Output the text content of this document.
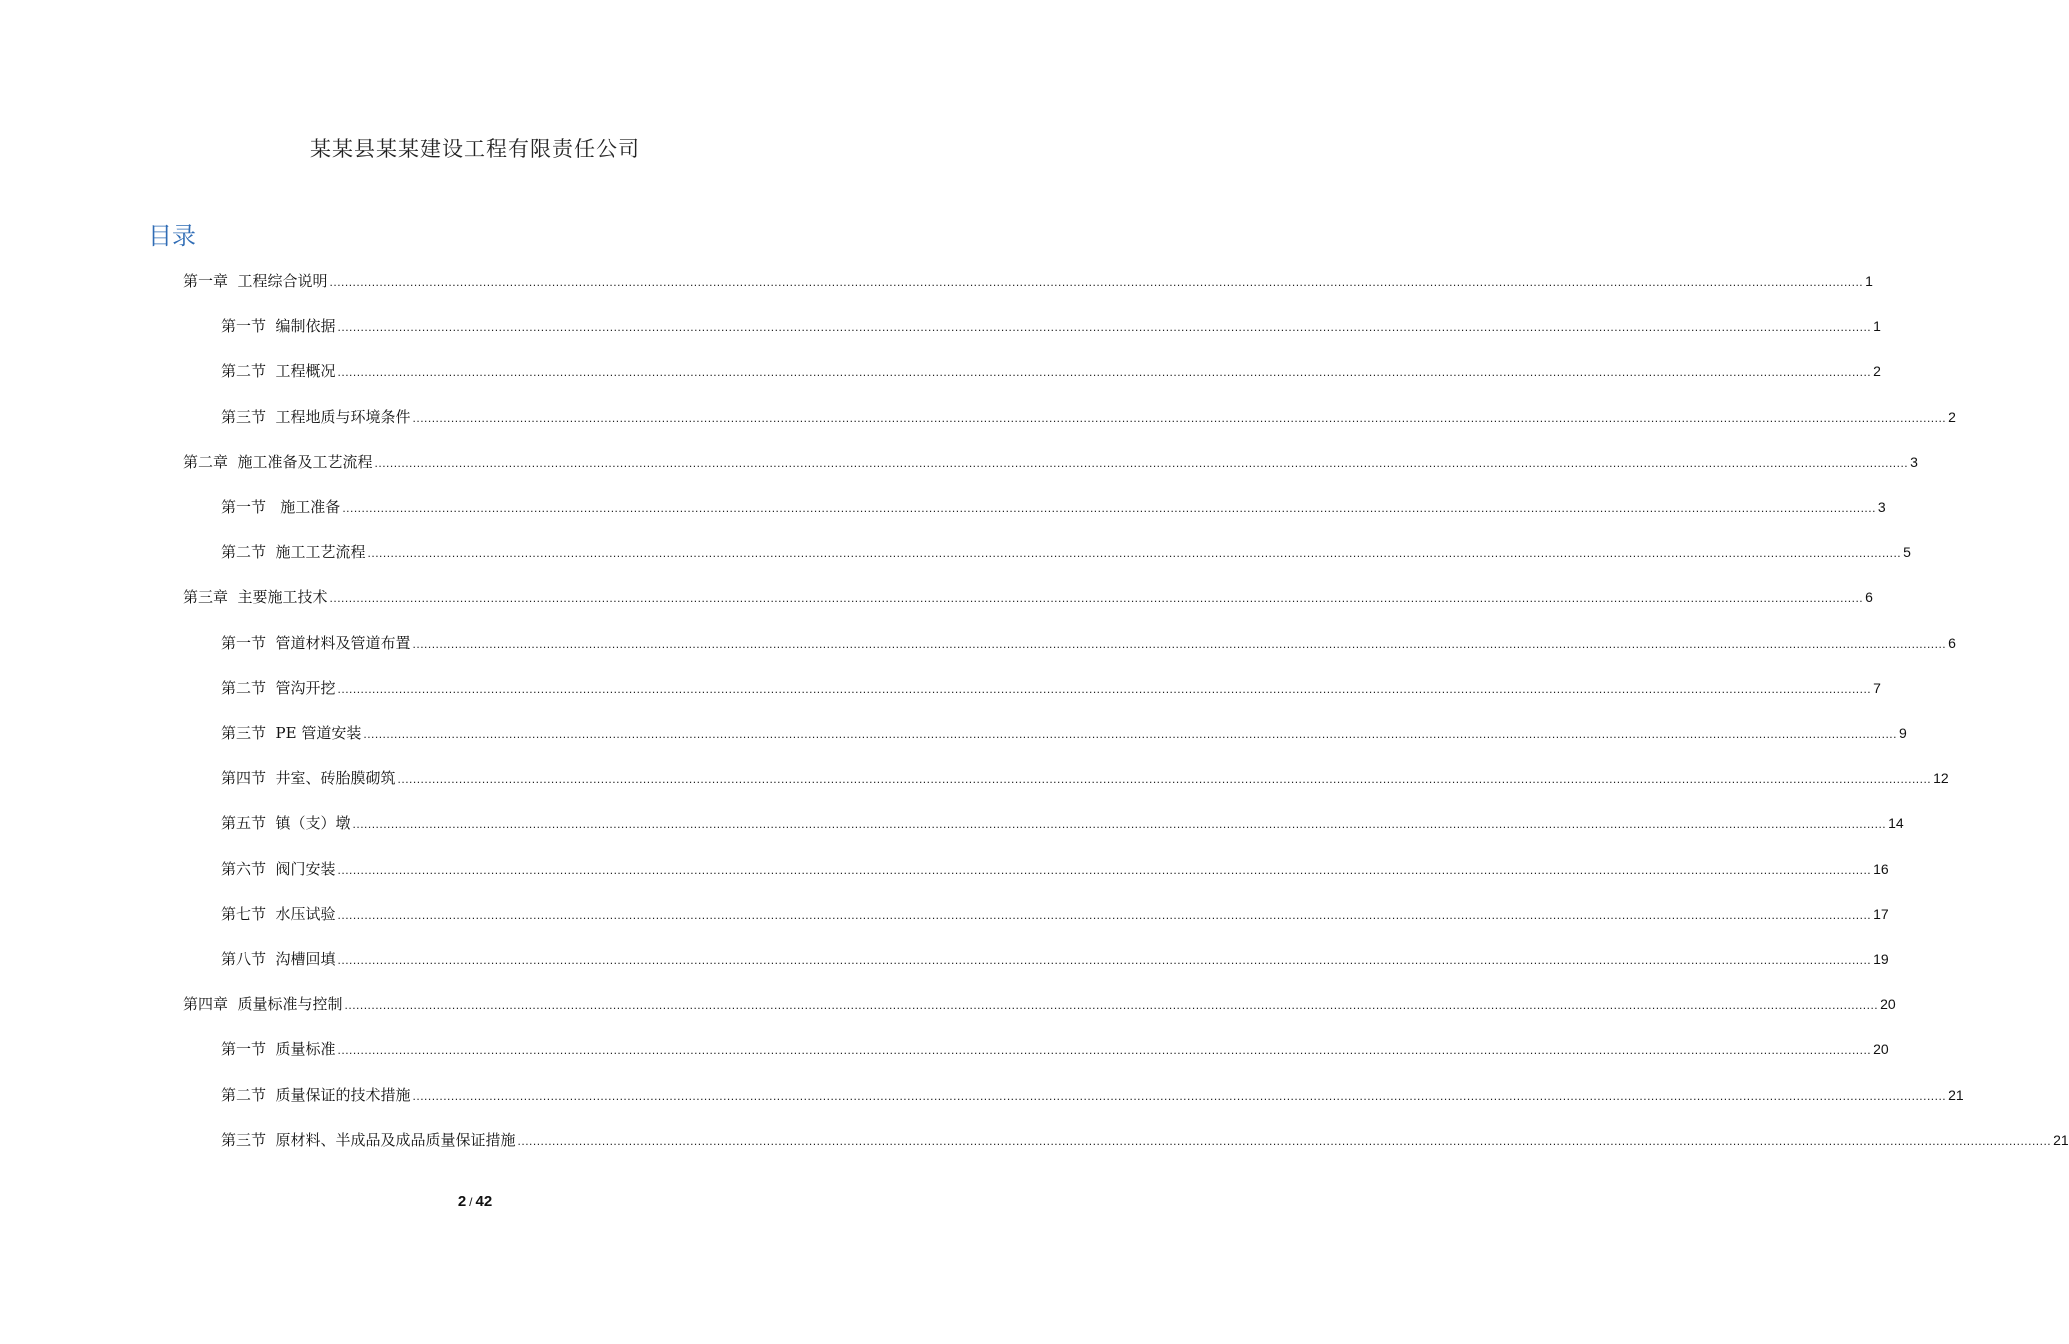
某某县某某建设工程有限责任公司
目录
第一章  工程综合说明 ................................................................................................................................................................................................................................................................................................................................................................................................................ 1
第一节  编制依据 ................................................................................................................................................................................................................................................................................................................................................................................................................ 1
第二节  工程概况 ................................................................................................................................................................................................................................................................................................................................................................................................................ 2
第三节  工程地质与环境条件 ................................................................................................................................................................................................................................................................................................................................................................................................................ 2
第二章  施工准备及工艺流程 ................................................................................................................................................................................................................................................................................................................................................................................................................ 3
第一节   施工准备 ................................................................................................................................................................................................................................................................................................................................................................................................................ 3
第二节  施工工艺流程 ................................................................................................................................................................................................................................................................................................................................................................................................................ 5
第三章  主要施工技术 ................................................................................................................................................................................................................................................................................................................................................................................................................ 6
第一节  管道材料及管道布置 ................................................................................................................................................................................................................................................................................................................................................................................................................ 6
第二节  管沟开挖 ................................................................................................................................................................................................................................................................................................................................................................................................................ 7
第三节  PE 管道安装 ................................................................................................................................................................................................................................................................................................................................................................................................................ 9
第四节  井室、砖胎膜砌筑 ................................................................................................................................................................................................................................................................................................................................................................................................................ 12
第五节  镇（支）墩 ................................................................................................................................................................................................................................................................................................................................................................................................................ 14
第六节  阀门安装 ................................................................................................................................................................................................................................................................................................................................................................................................................ 16
第七节  水压试验 ................................................................................................................................................................................................................................................................................................................................................................................................................ 17
第八节  沟槽回填 ................................................................................................................................................................................................................................................................................................................................................................................................................ 19
第四章  质量标准与控制 ................................................................................................................................................................................................................................................................................................................................................................................................................ 20
第一节  质量标准 ................................................................................................................................................................................................................................................................................................................................................................................................................ 20
第二节  质量保证的技术措施 ................................................................................................................................................................................................................................................................................................................................................................................................................ 21
第三节  原材料、半成品及成品质量保证措施 ................................................................................................................................................................................................................................................................................................................................................................................................................ 21
2 / 42
